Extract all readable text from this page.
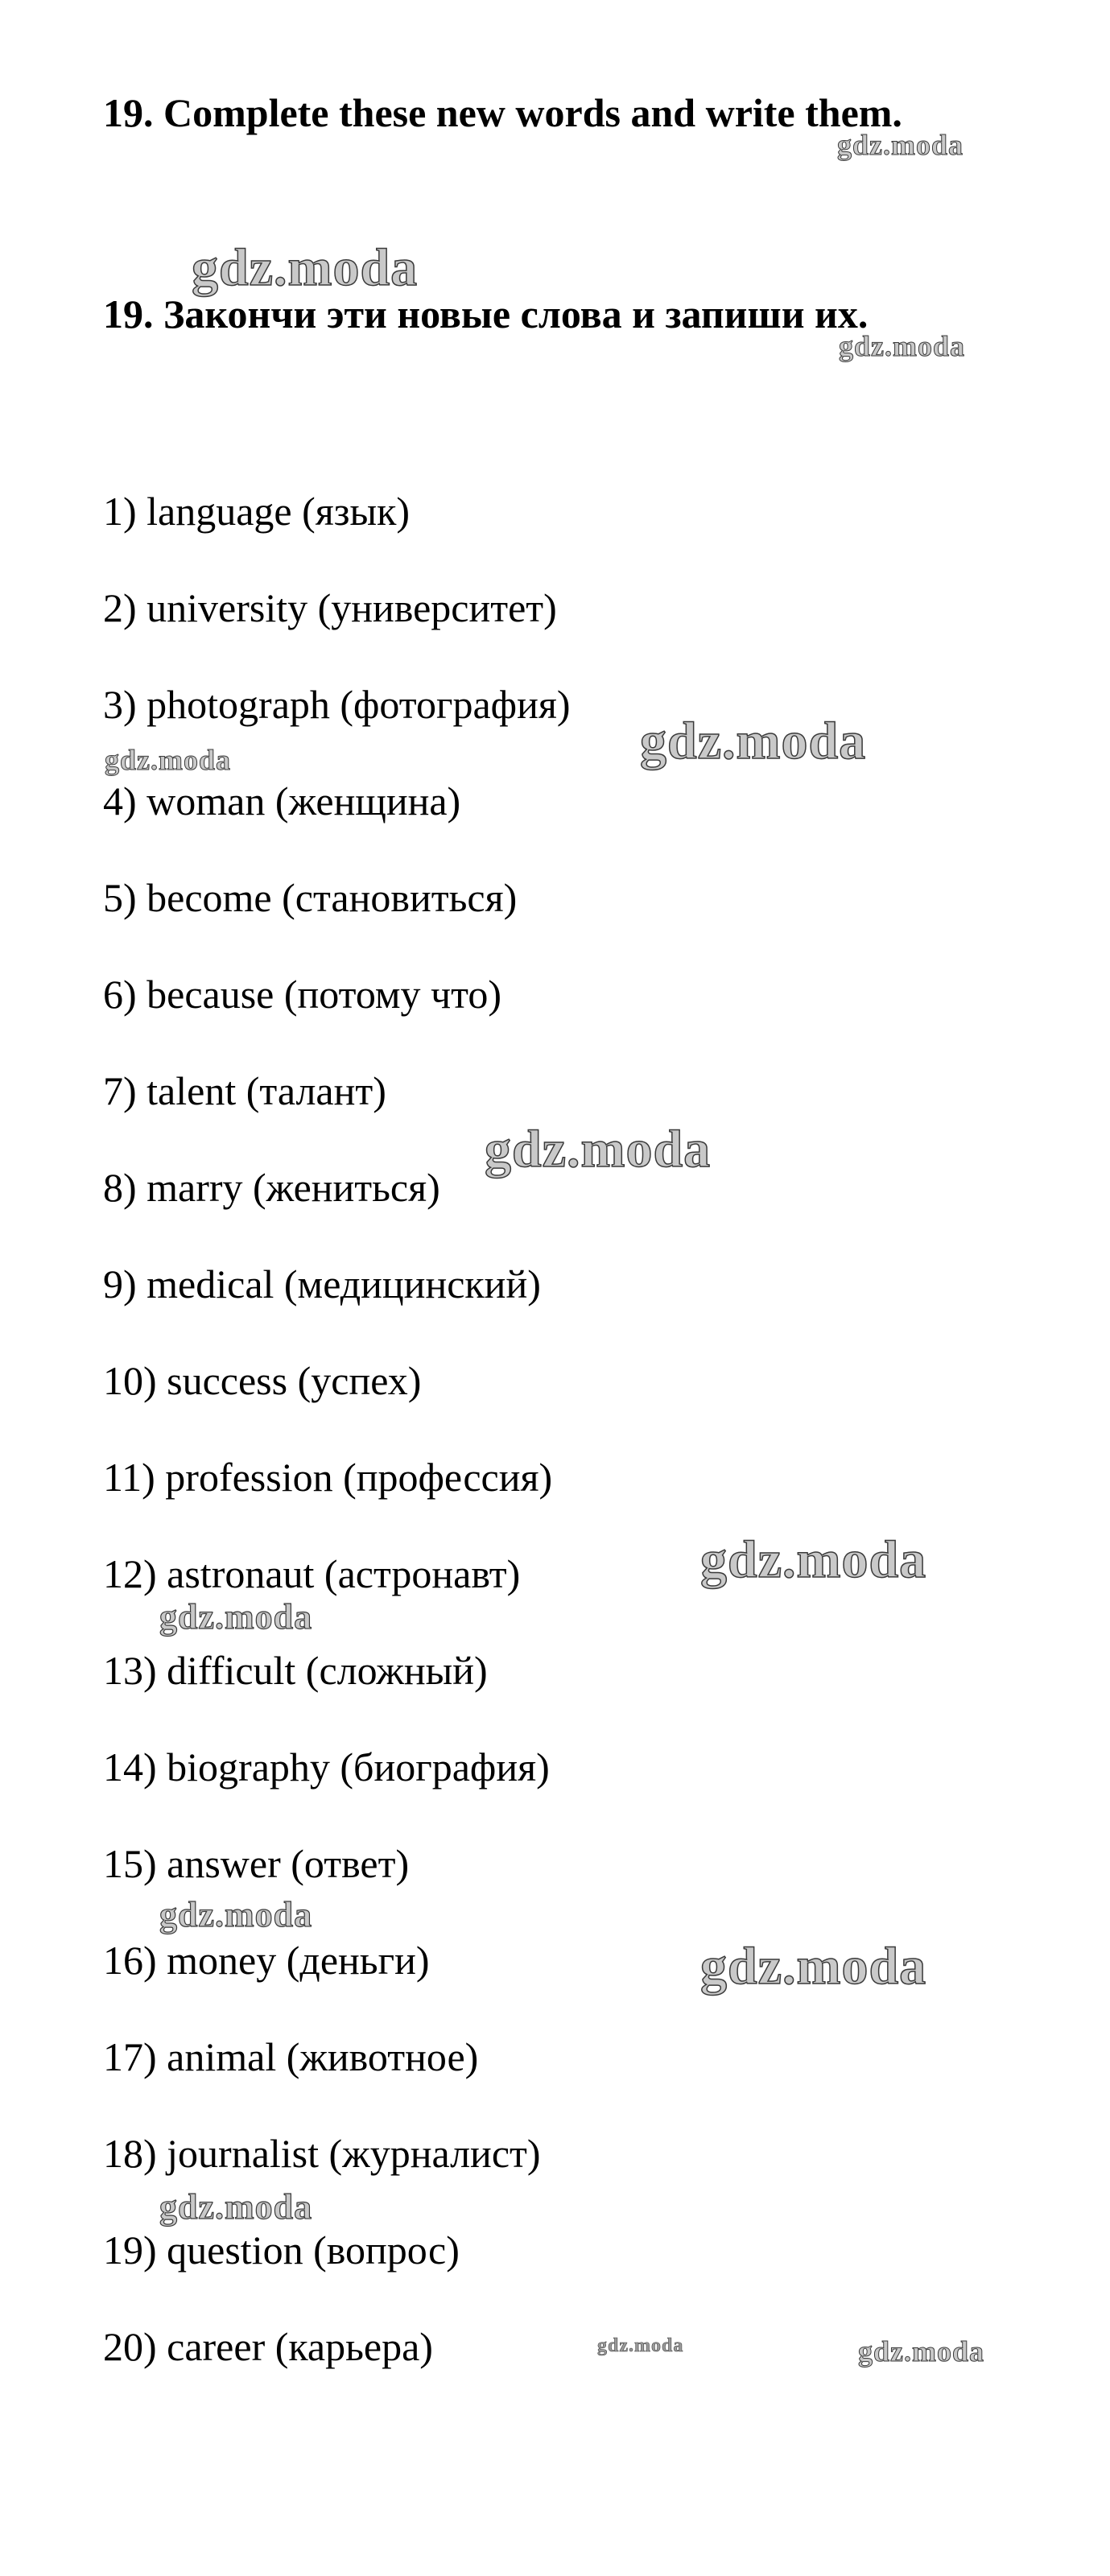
19. Complete these new words and write them.
19. Закончи эти новые слова и запиши их.
1) language (язык)
2) university (университет)
3) photograph (фотография)
4) woman (женщина)
5) become (становиться)
6) because (потому что)
7) talent (талант)
8) marry (жениться)
9) medical (медицинский)
10) success (успех)
11) profession (профессия)
12) astronaut (астронавт)
13) difficult (сложный)
14) biography (биография)
15) answer (ответ)
16) money (деньги)
17) animal (животное)
18) journalist (журналист)
19) question (вопрос)
20) career (карьера)
gdz.moda
gdz.moda
gdz.moda
gdz.moda
gdz.moda
gdz.moda
gdz.moda
gdz.moda
gdz.moda
gdz.moda
gdz.moda
gdz.moda	gdz.moda
